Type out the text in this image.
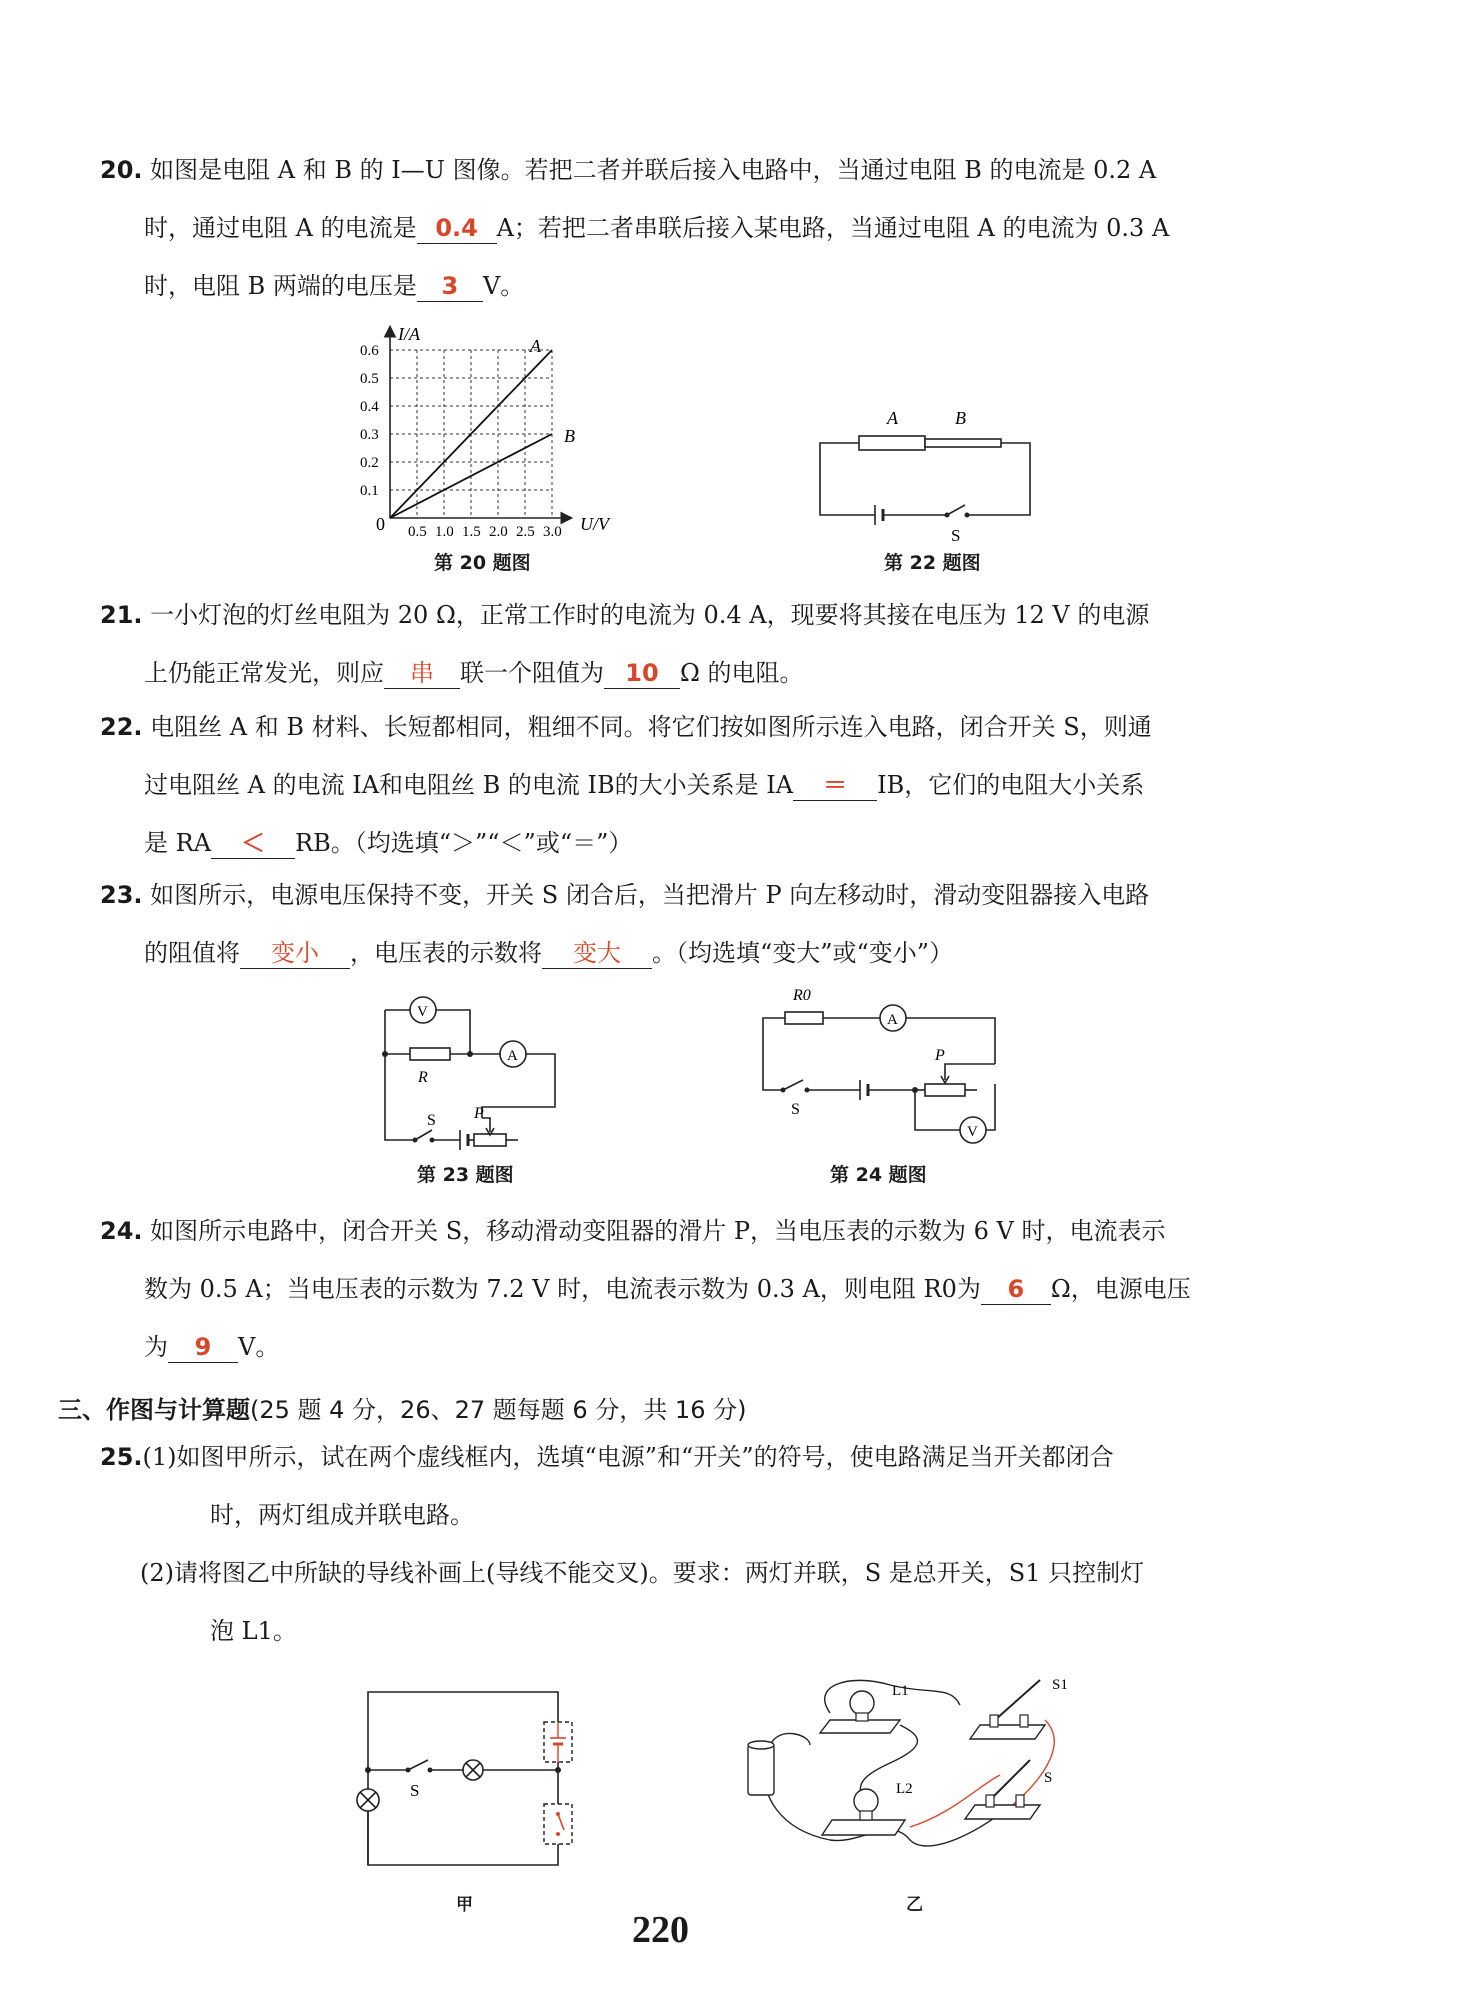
20. 如图是电阻 A 和 B 的 I—U 图像。若把二者并联后接入电路中，当通过电阻 B 的电流是 0.2 A
时，通过电阻 A 的电流是 0.4 A；若把二者串联后接入某电路，当通过电阻 A 的电流为 0.3 A
时，电阻 B 两端的电压是 3 V。
0.5 1.0 1.5 2.0 2.5 3.0
0.1
0.2
0.3
0.4
0.5
0.6
I/A
U/V
0
A
B
第 20 题图
A	B
S
第 22 题图
21. 一小灯泡的灯丝电阻为 20 Ω，正常工作时的电流为 0.4 A，现要将其接在电压为 12 V 的电源
上仍能正常发光，则应 串 联一个阻值为 10 Ω 的电阻。
22. 电阻丝 A 和 B 材料、长短都相同，粗细不同。将它们按如图所示连入电路，闭合开关 S，则通
过电阻丝 A 的电流 IA和电阻丝 B 的电流 IB的大小关系是 IA ＝ IB，它们的电阻大小关系
是 RA ＜ RB。（均选填“＞”“＜”或“＝”）
23. 如图所示，电源电压保持不变，开关 S 闭合后，当把滑片 P 向左移动时，滑动变阻器接入电路
的阻值将 变小 ，电压表的示数将 变大 。（均选填“变大”或“变小”）
V
A
R
S P
第 23 题图
R0
A
S
P
V
第 24 题图
24. 如图所示电路中，闭合开关 S，移动滑动变阻器的滑片 P，当电压表的示数为 6 V 时，电流表示
数为 0.5 A；当电压表的示数为 7.2 V 时，电流表示数为 0.3 A，则电阻 R0为 6 Ω，电源电压
为 9 V。
三、作图与计算题(25 题 4 分，26、27 题每题 6 分，共 16 分)
25.(1)如图甲所示，试在两个虚线框内，选填“电源”和“开关”的符号，使电路满足当开关都闭合
时，两灯组成并联电路。
(2)请将图乙中所缺的导线补画上(导线不能交叉)。要求：两灯并联，S 是总开关，S1 只控制灯
泡 L1。
S
甲
L1
L2
S1
S
乙
220
